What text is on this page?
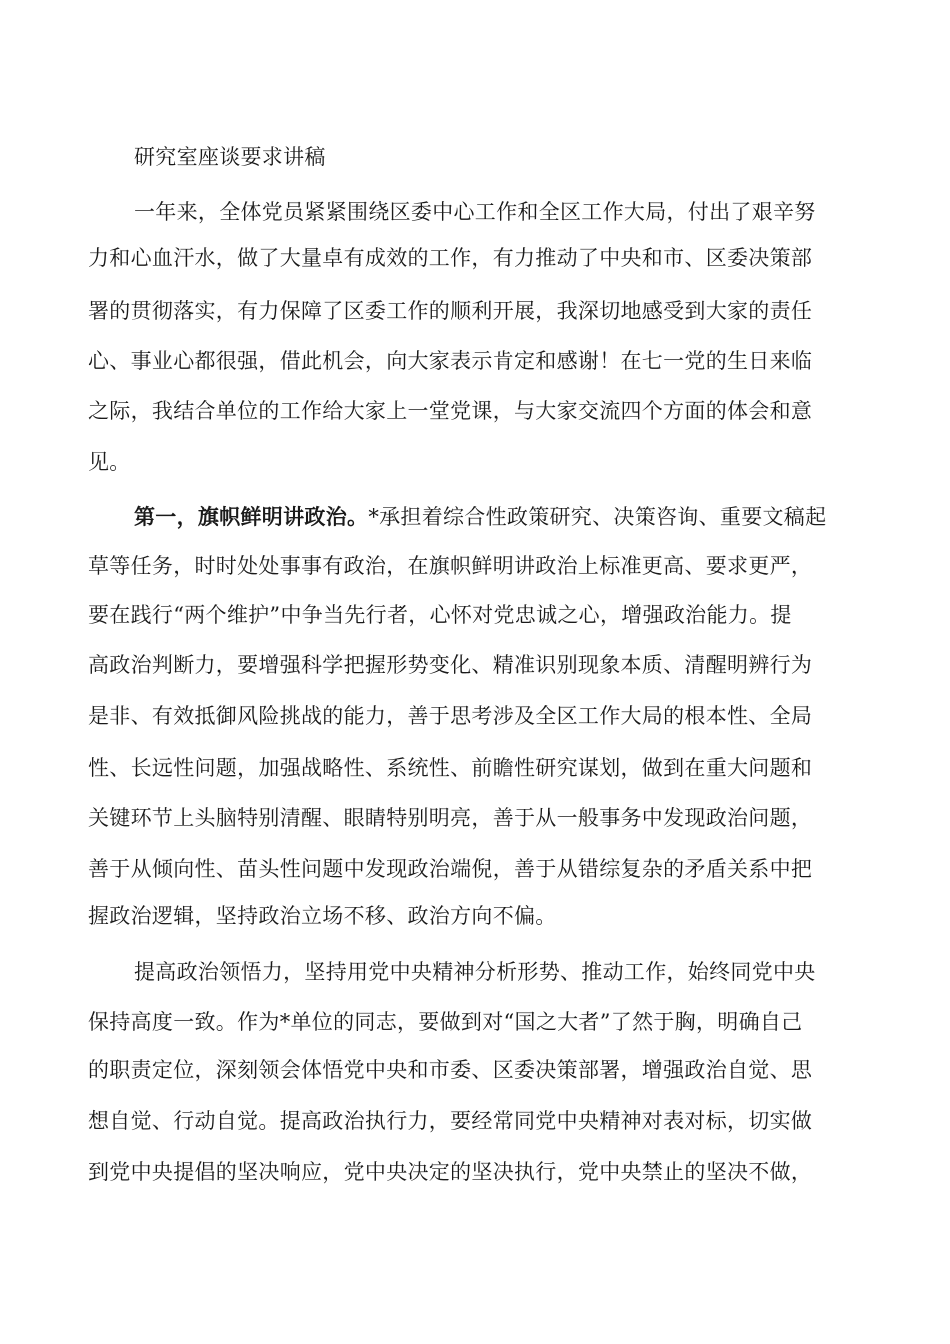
研究室座谈要求讲稿
一年来，全体党员紧紧围绕区委中心工作和全区工作大局，付出了艰辛努
力和心血汗水，做了大量卓有成效的工作，有力推动了中央和市、区委决策部
署的贯彻落实，有力保障了区委工作的顺利开展，我深切地感受到大家的责任
心、事业心都很强，借此机会，向大家表示肯定和感谢！在七一党的生日来临
之际，我结合单位的工作给大家上一堂党课，与大家交流四个方面的体会和意
见。
第一，旗帜鲜明讲政治。*承担着综合性政策研究、决策咨询、重要文稿起
草等任务，时时处处事事有政治，在旗帜鲜明讲政治上标准更高、要求更严，
要在践行“两个维护”中争当先行者，心怀对党忠诚之心，增强政治能力。提
高政治判断力，要增强科学把握形势变化、精准识别现象本质、清醒明辨行为
是非、有效抵御风险挑战的能力，善于思考涉及全区工作大局的根本性、全局
性、长远性问题，加强战略性、系统性、前瞻性研究谋划，做到在重大问题和
关键环节上头脑特别清醒、眼睛特别明亮，善于从一般事务中发现政治问题，
善于从倾向性、苗头性问题中发现政治端倪，善于从错综复杂的矛盾关系中把
握政治逻辑，坚持政治立场不移、政治方向不偏。
提高政治领悟力，坚持用党中央精神分析形势、推动工作，始终同党中央
保持高度一致。作为*单位的同志，要做到对“国之大者”了然于胸，明确自己
的职责定位，深刻领会体悟党中央和市委、区委决策部署，增强政治自觉、思
想自觉、行动自觉。提高政治执行力，要经常同党中央精神对表对标，切实做
到党中央提倡的坚决响应，党中央决定的坚决执行，党中央禁止的坚决不做，
